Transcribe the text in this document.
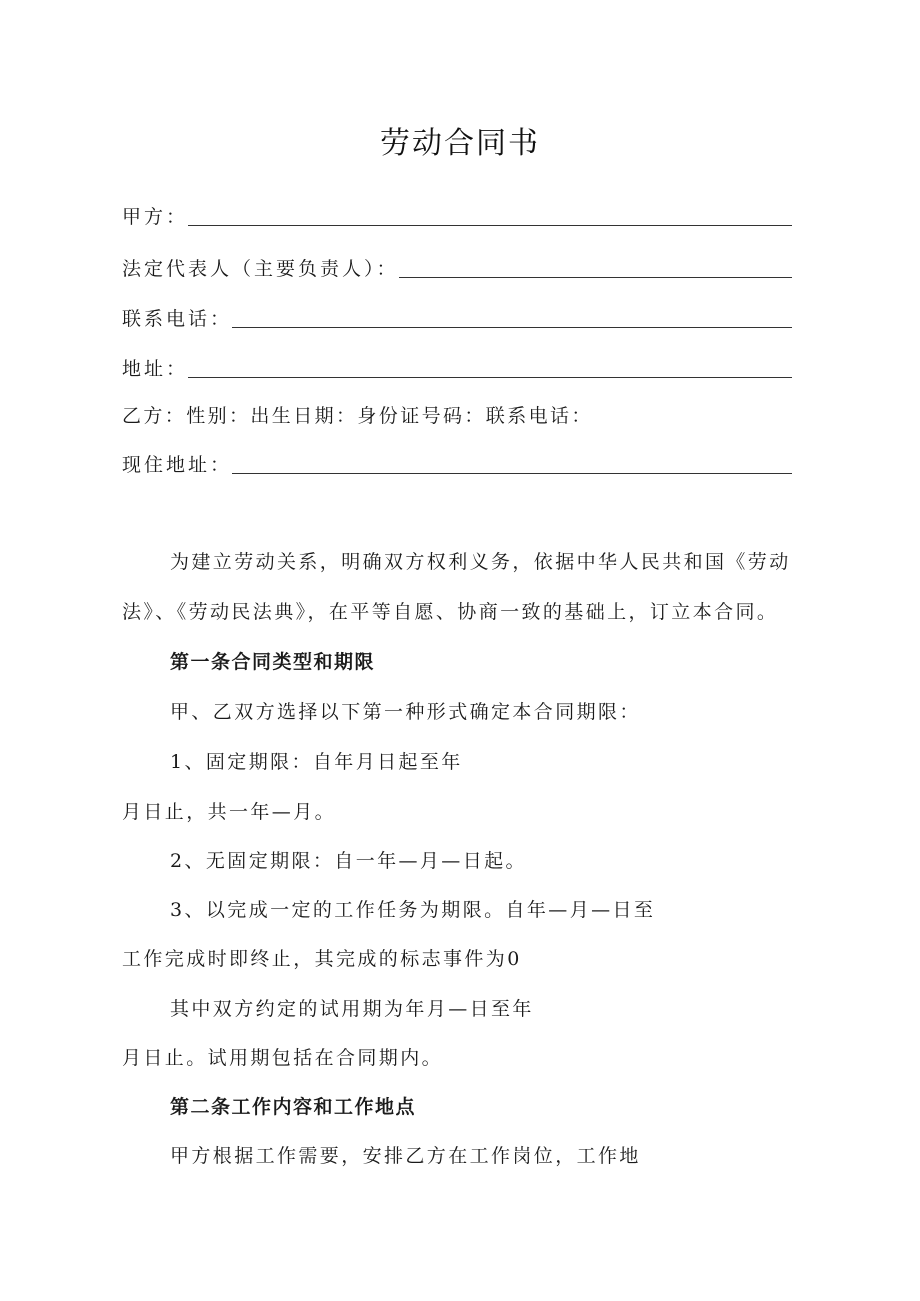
劳动合同书
甲方：
法定代表人（主要负责人）：
联系电话：
地址：
乙方：性别：出生日期：身份证号码：联系电话：
现住地址：
为建立劳动关系，明确双方权利义务，依据中华人民共和国《劳动
法》、《劳动民法典》，在平等自愿、协商一致的基础上，订立本合同。
第一条合同类型和期限
甲、乙双方选择以下第一种形式确定本合同期限：
1、固定期限：自年月日起至年
月日止，共一年—月。
2、无固定期限：自一年—月—日起。
3、以完成一定的工作任务为期限。自年—月—日至
工作完成时即终止，其完成的标志事件为0
其中双方约定的试用期为年月—日至年
月日止。试用期包括在合同期内。
第二条工作内容和工作地点
甲方根据工作需要，安排乙方在工作岗位，工作地
